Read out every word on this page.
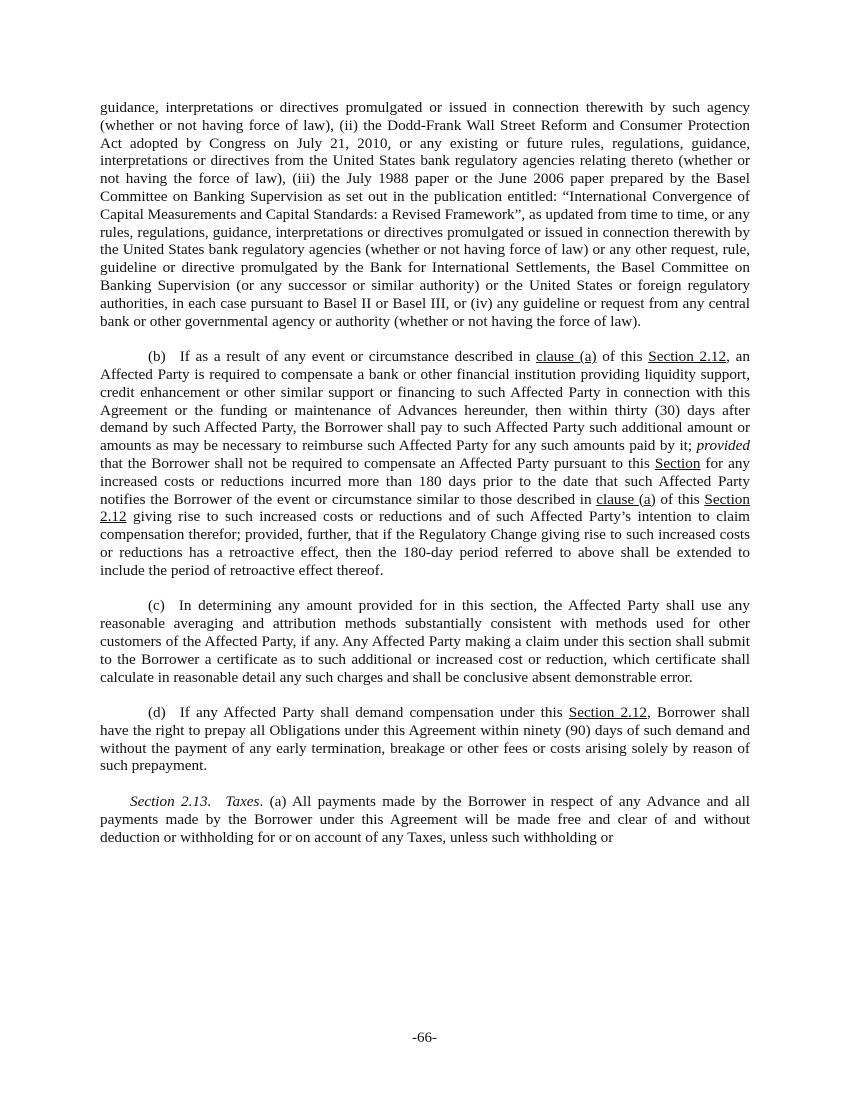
guidance, interpretations or directives promulgated or issued in connection therewith by such agency (whether or not having force of law), (ii) the Dodd-Frank Wall Street Reform and Consumer Protection Act adopted by Congress on July 21, 2010, or any existing or future rules, regulations, guidance, interpretations or directives from the United States bank regulatory agencies relating thereto (whether or not having the force of law), (iii) the July 1988 paper or the June 2006 paper prepared by the Basel Committee on Banking Supervision as set out in the publication entitled: “International Convergence of Capital Measurements and Capital Standards: a Revised Framework”, as updated from time to time, or any rules, regulations, guidance, interpretations or directives promulgated or issued in connection therewith by the United States bank regulatory agencies (whether or not having force of law) or any other request, rule, guideline or directive promulgated by the Bank for International Settlements, the Basel Committee on Banking Supervision (or any successor or similar authority) or the United States or foreign regulatory authorities, in each case pursuant to Basel II or Basel III, or (iv) any guideline or request from any central bank or other governmental agency or authority (whether or not having the force of law).

(b) If as a result of any event or circumstance described in clause (a) of this Section 2.12, an Affected Party is required to compensate a bank or other financial institution providing liquidity support, credit enhancement or other similar support or financing to such Affected Party in connection with this Agreement or the funding or maintenance of Advances hereunder, then within thirty (30) days after demand by such Affected Party, the Borrower shall pay to such Affected Party such additional amount or amounts as may be necessary to reimburse such Affected Party for any such amounts paid by it; provided that the Borrower shall not be required to compensate an Affected Party pursuant to this Section for any increased costs or reductions incurred more than 180 days prior to the date that such Affected Party notifies the Borrower of the event or circumstance similar to those described in clause (a) of this Section 2.12 giving rise to such increased costs or reductions and of such Affected Party’s intention to claim compensation therefor; provided, further, that if the Regulatory Change giving rise to such increased costs or reductions has a retroactive effect, then the 180-day period referred to above shall be extended to include the period of retroactive effect thereof.

(c) In determining any amount provided for in this section, the Affected Party shall use any reasonable averaging and attribution methods substantially consistent with methods used for other customers of the Affected Party, if any. Any Affected Party making a claim under this section shall submit to the Borrower a certificate as to such additional or increased cost or reduction, which certificate shall calculate in reasonable detail any such charges and shall be conclusive absent demonstrable error.

(d) If any Affected Party shall demand compensation under this Section 2.12, Borrower shall have the right to prepay all Obligations under this Agreement within ninety (90) days of such demand and without the payment of any early termination, breakage or other fees or costs arising solely by reason of such prepayment.

Section 2.13. Taxes. (a) All payments made by the Borrower in respect of any Advance and all payments made by the Borrower under this Agreement will be made free and clear of and without deduction or withholding for or on account of any Taxes, unless such withholding or

-66-
